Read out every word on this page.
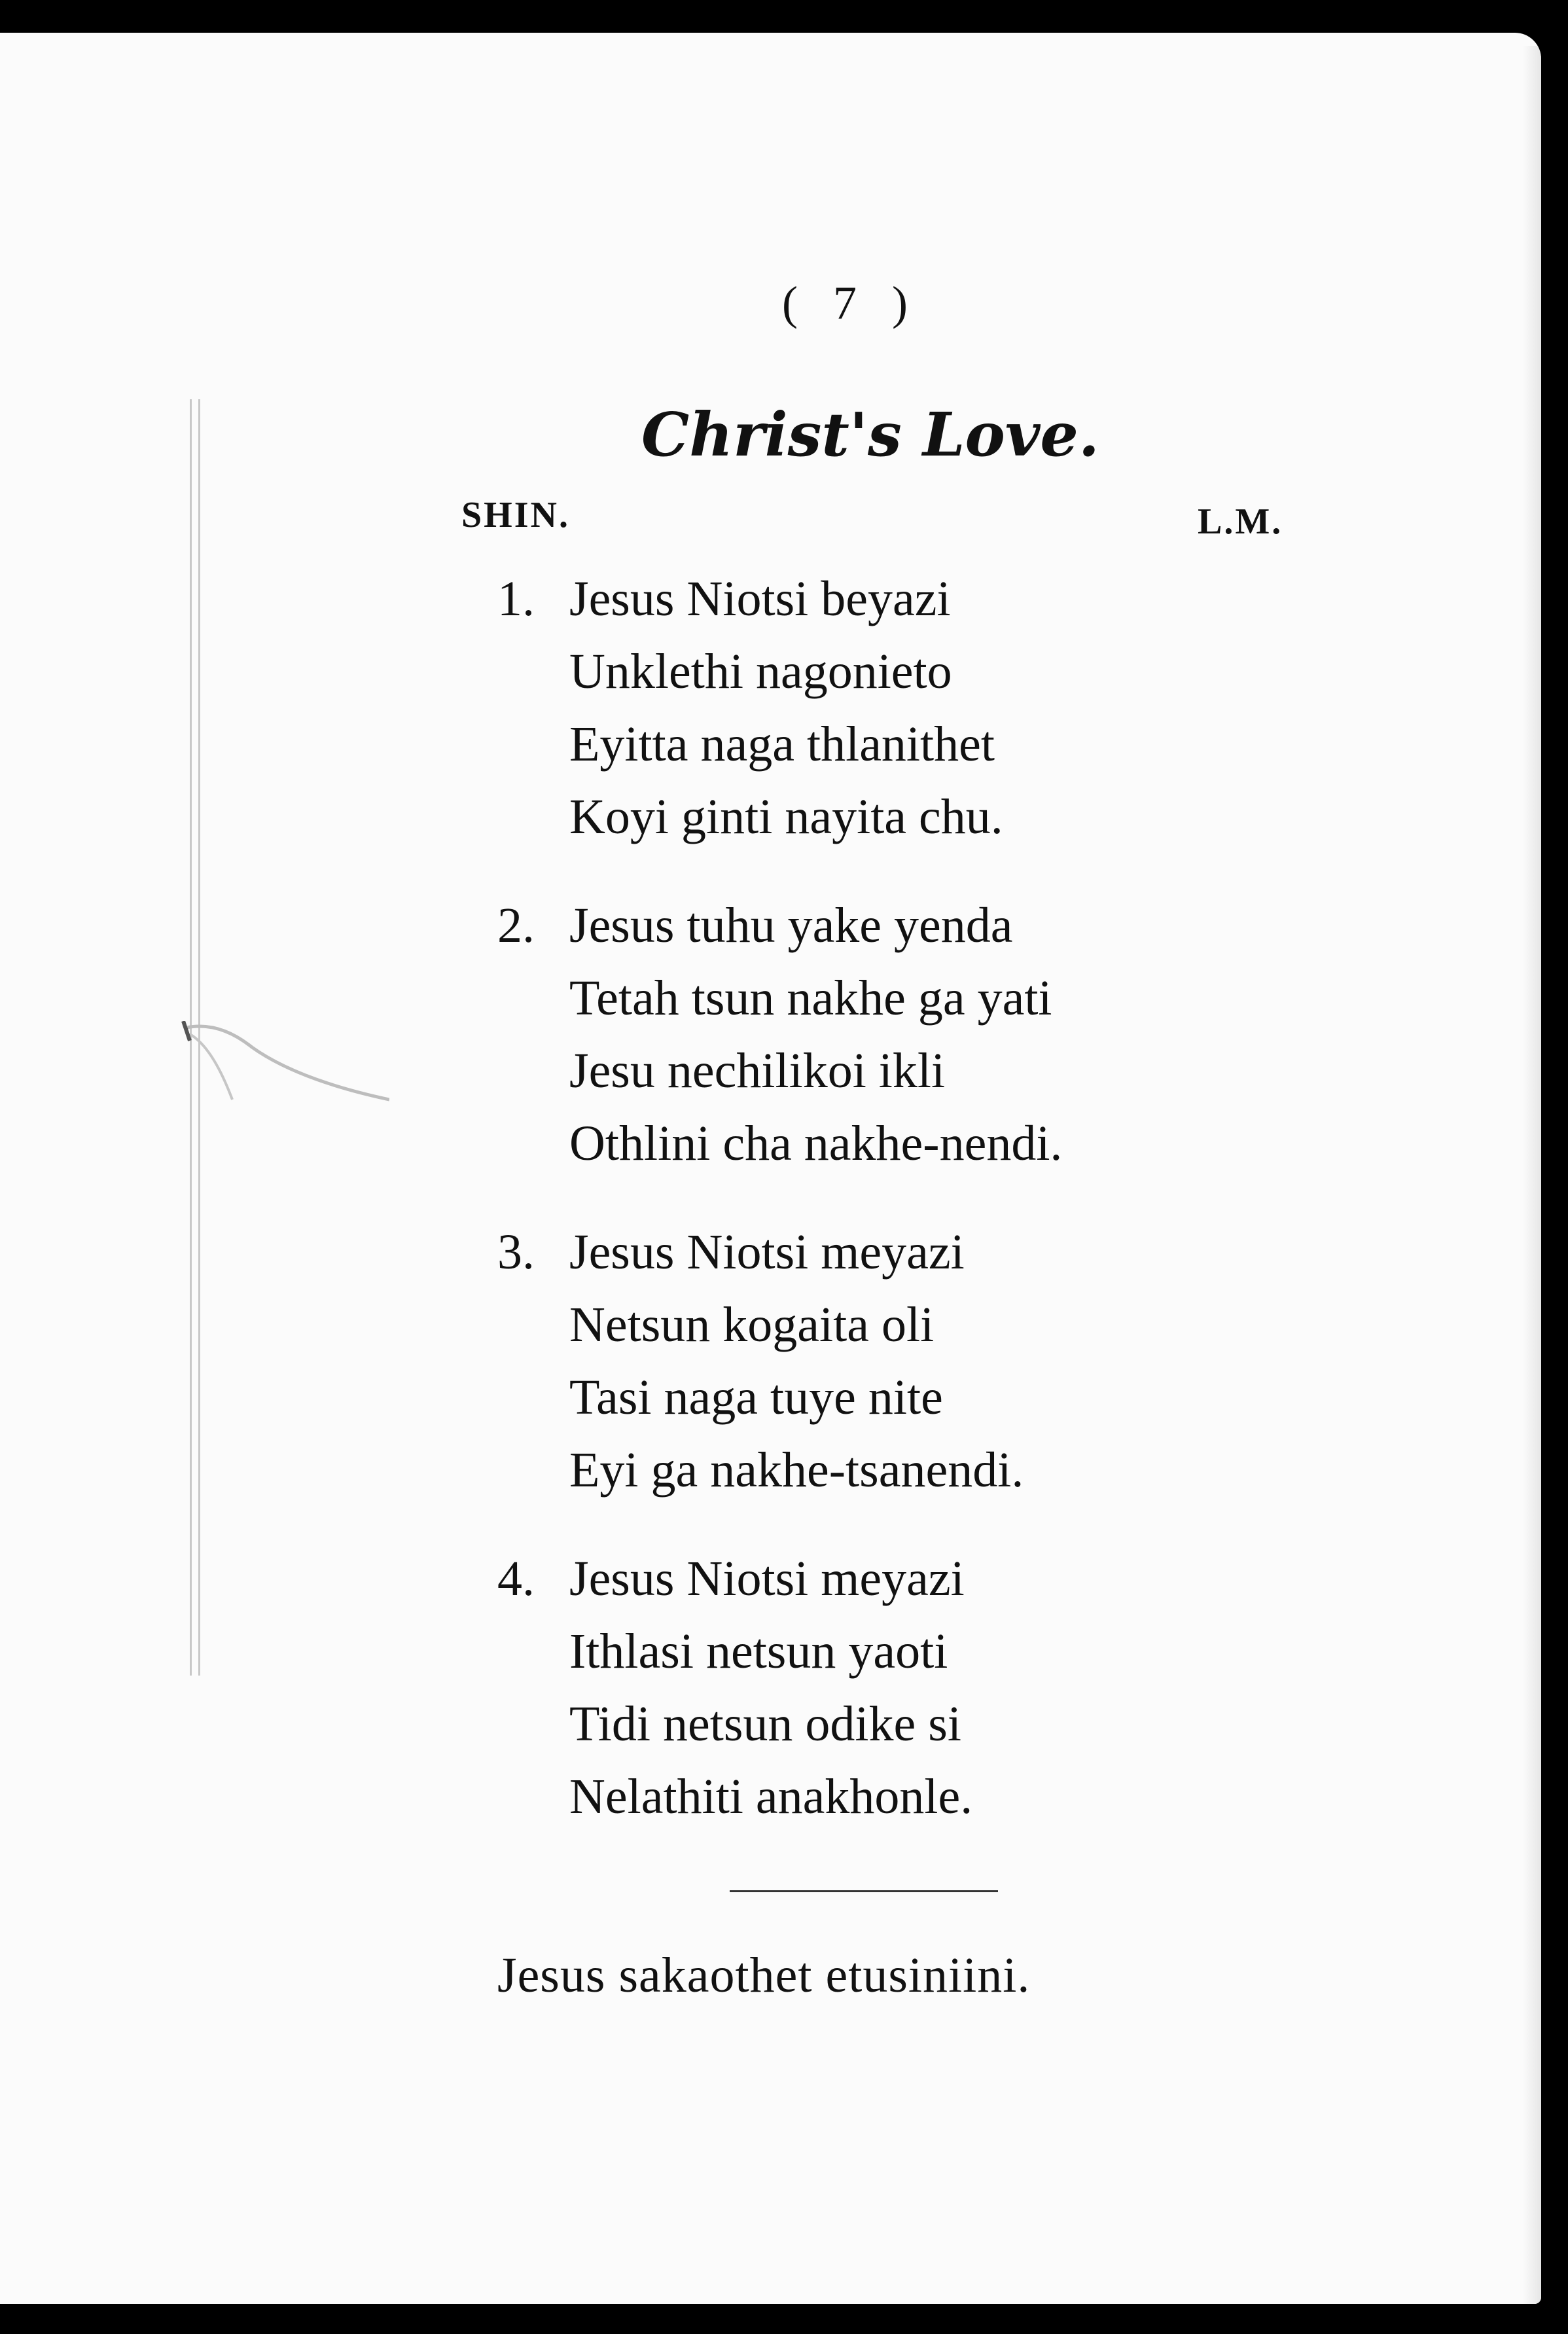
( 7 )
Christ's Love.
SHIN.	L.M.
1. Jesus Niotsi beyazi
Unklethi nagonieto
Eyitta naga thlanithet
Koyi ginti nayita chu.
2. Jesus tuhu yake yenda
Tetah tsun nakhe ga yati
Jesu nechilikoi ikli
Othlini cha nakhe-nendi.
3. Jesus Niotsi meyazi
Netsun kogaita oli
Tasi naga tuye nite
Eyi ga nakhe-tsanendi.
4. Jesus Niotsi meyazi
Ithlasi netsun yaoti
Tidi netsun odike si
Nelathiti anakhonle.
Jesus sakaothet etusiniini.
